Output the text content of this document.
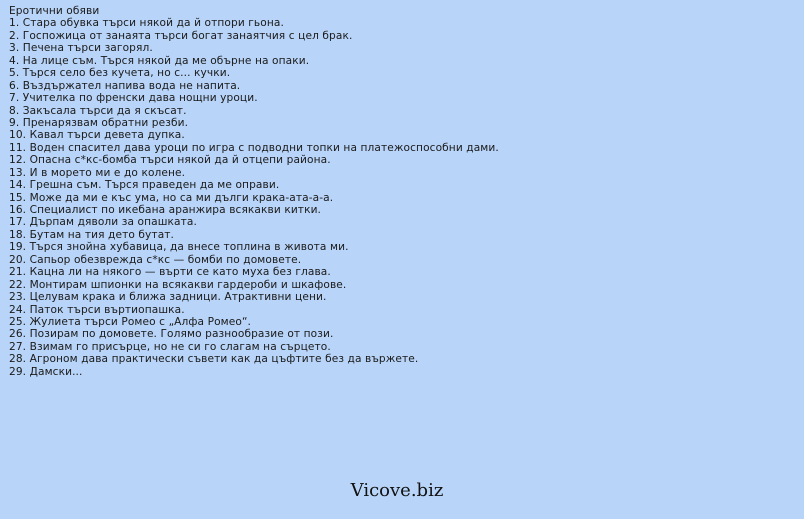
Еротични обяви
1. Стара обувка търси някой да й отпори гьона.
2. Госпожица от занаята търси богат занаятчия с цел брак.
3. Печена търси загорял.
4. На лице съм. Търся някой да ме обърне на опаки.
5. Търся село без кучета, но с... кучки.
6. Въздържател напива вода не напита.
7. Учителка по френски дава нощни уроци.
8. Закъсала търси да я скъсат.
9. Пренарязвам обратни резби.
10. Кавал търси девета дупка.
11. Воден спасител дава уроци по игра с подводни топки на платежоспособни дами.
12. Опасна с*кс-бомба търси някой да й отцепи района.
13. И в морето ми е до колене.
14. Грешна съм. Търся праведен да ме оправи.
15. Може да ми е къс ума, но са ми дълги крака-ата-а-а.
16. Специалист по икебана аранжира всякакви китки.
17. Дърпам дяволи за опашката.
18. Бутам на тия дето бутат.
19. Търся знойна хубавица, да внесе топлина в живота ми.
20. Сапьор обезврежда с*кс — бомби по домовете.
21. Кацна ли на някого — върти се като муха без глава.
22. Монтирам шпионки на всякакви гардероби и шкафове.
23. Целувам крака и ближа задници. Атрактивни цени.
24. Паток търси въртиопашка.
25. Жулиета търси Ромео с „Алфа Ромео“.
26. Позирам по домовете. Голямо разнообразие от пози.
27. Взимам го присърце, но не си го слагам на сърцето.
28. Агроном дава практически съвети как да цъфтите без да вържете.
29. Дамски...
Vicove.biz
